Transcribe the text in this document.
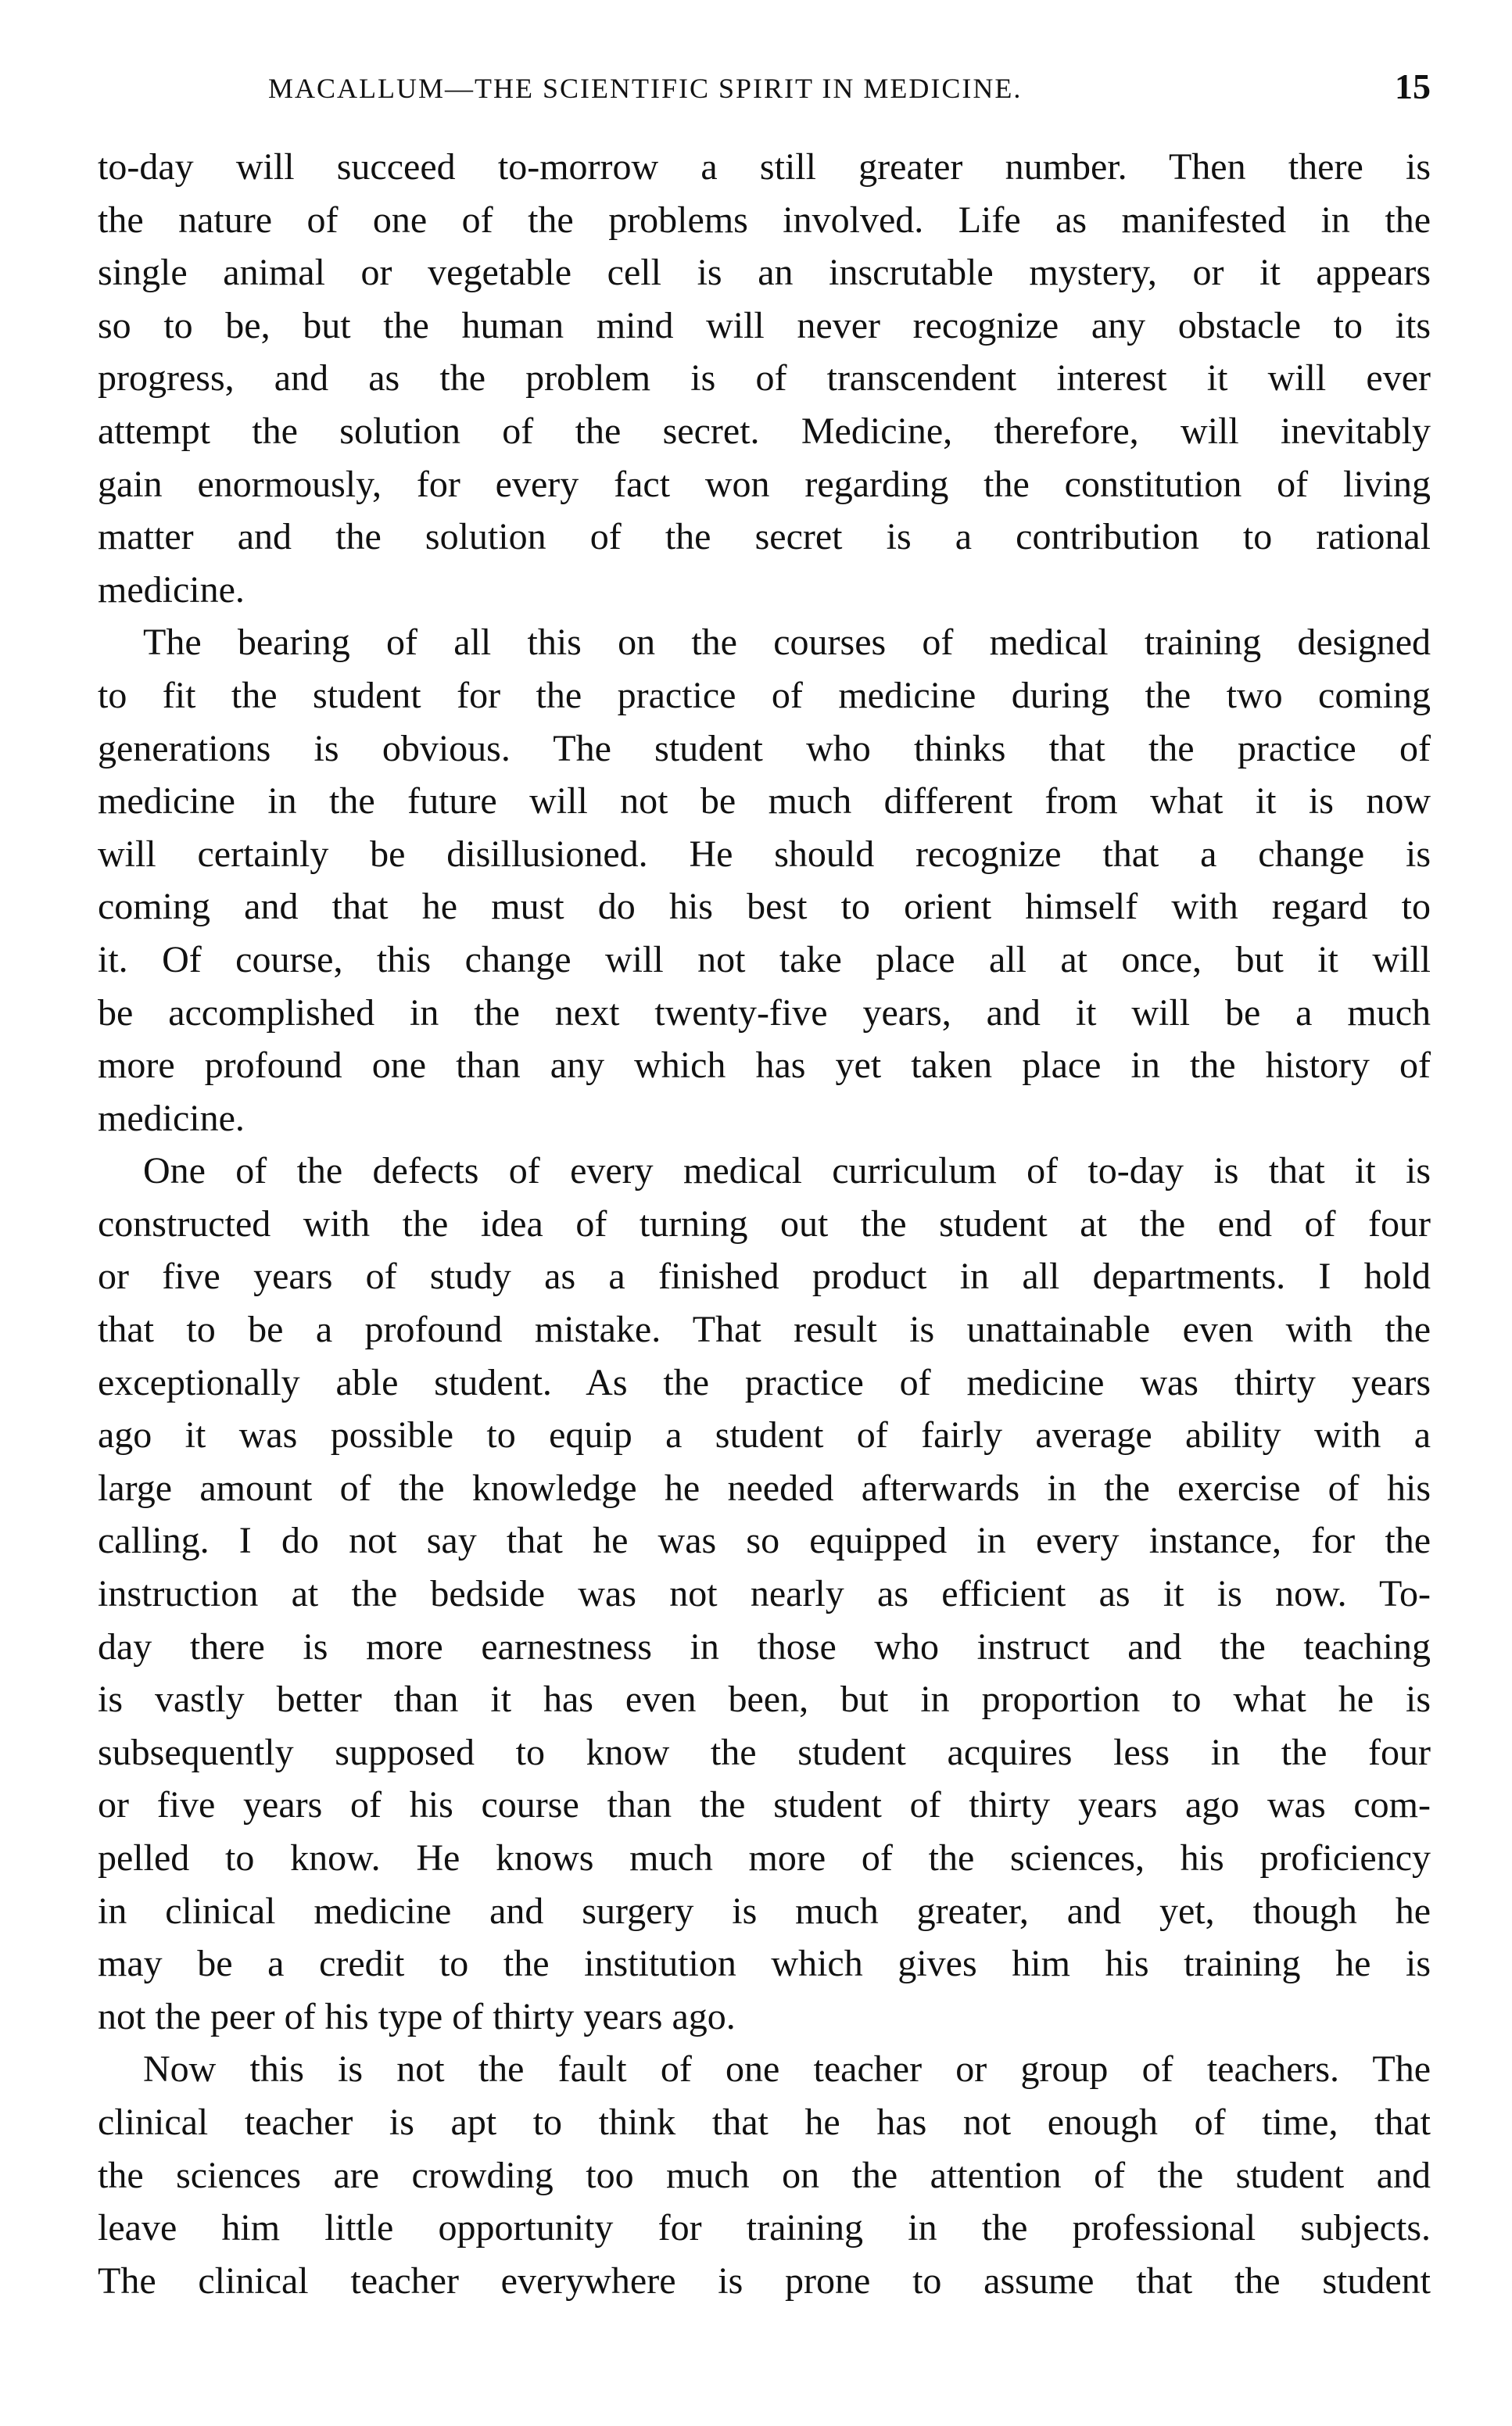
MACALLUM—THE SCIENTIFIC SPIRIT IN MEDICINE.	15

to-day will succeed to-morrow a still greater number. Then there is
the nature of one of the problems involved. Life as manifested in the
single animal or vegetable cell is an inscrutable mystery, or it appears
so to be, but the human mind will never recognize any obstacle to its
progress, and as the problem is of transcendent interest it will ever
attempt the solution of the secret. Medicine, therefore, will inevitably
gain enormously, for every fact won regarding the constitution of living
matter and the solution of the secret is a contribution to rational
medicine.

The bearing of all this on the courses of medical training designed
to fit the student for the practice of medicine during the two coming
generations is obvious. The student who thinks that the practice of
medicine in the future will not be much different from what it is now
will certainly be disillusioned. He should recognize that a change is
coming and that he must do his best to orient himself with regard to
it. Of course, this change will not take place all at once, but it will
be accomplished in the next twenty-five years, and it will be a much
more profound one than any which has yet taken place in the history of
medicine.

One of the defects of every medical curriculum of to-day is that it is
constructed with the idea of turning out the student at the end of four
or five years of study as a finished product in all departments. I hold
that to be a profound mistake. That result is unattainable even with the
exceptionally able student. As the practice of medicine was thirty years
ago it was possible to equip a student of fairly average ability with a
large amount of the knowledge he needed afterwards in the exercise of his
calling. I do not say that he was so equipped in every instance, for the
instruction at the bedside was not nearly as efficient as it is now. To-
day there is more earnestness in those who instruct and the teaching
is vastly better than it has even been, but in proportion to what he is
subsequently supposed to know the student acquires less in the four
or five years of his course than the student of thirty years ago was com-
pelled to know. He knows much more of the sciences, his proficiency
in clinical medicine and surgery is much greater, and yet, though he
may be a credit to the institution which gives him his training he is
not the peer of his type of thirty years ago.

Now this is not the fault of one teacher or group of teachers. The
clinical teacher is apt to think that he has not enough of time, that
the sciences are crowding too much on the attention of the student and
leave him little opportunity for training in the professional subjects.
The clinical teacher everywhere is prone to assume that the student
